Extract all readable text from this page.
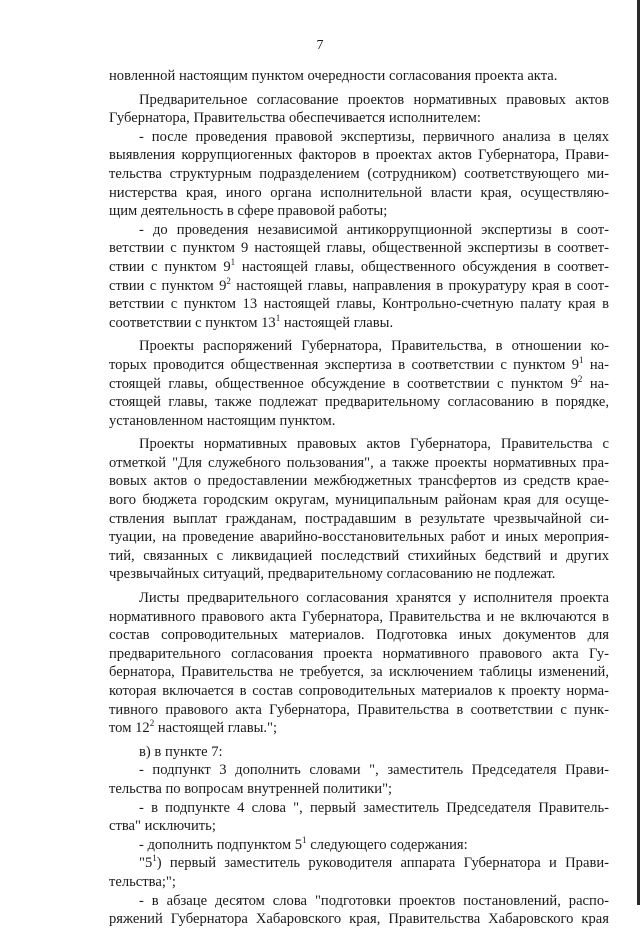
7
новленной настоящим пунктом очередности согласования проекта акта.
Предварительное согласование проектов нормативных правовых актов
Губернатора, Правительства обеспечивается исполнителем:
- после проведения правовой экспертизы, первичного анализа в целях
выявления коррупциогенных факторов в проектах актов Губернатора, Прави-
тельства структурным подразделением (сотрудником) соответствующего ми-
нистерства края, иного органа исполнительной власти края, осуществляю-
щим деятельность в сфере правовой работы;
- до проведения независимой антикоррупционной экспертизы в соот-
ветствии с пунктом 9 настоящей главы, общественной экспертизы в соответ-
ствии с пунктом $9^1$ настоящей главы, общественного обсуждения в соответ-
ствии с пунктом $9^2$ настоящей главы, направления в прокуратуру края в соот-
ветствии с пунктом 13 настоящей главы, Контрольно-счетную палату края в
соответствии с пунктом $13^1$ настоящей главы.
Проекты распоряжений Губернатора, Правительства, в отношении ко-
торых проводится общественная экспертиза в соответствии с пунктом $9^1$ на-
стоящей главы, общественное обсуждение в соответствии с пунктом $9^2$ на-
стоящей главы, также подлежат предварительному согласованию в порядке,
установленном настоящим пунктом.
Проекты нормативных правовых актов Губернатора, Правительства с
отметкой "Для служебного пользования", а также проекты нормативных пра-
вовых актов о предоставлении межбюджетных трансфертов из средств крае-
вого бюджета городским округам, муниципальным районам края для осуще-
ствления выплат гражданам, пострадавшим в результате чрезвычайной си-
туации, на проведение аварийно-восстановительных работ и иных мероприя-
тий, связанных с ликвидацией последствий стихийных бедствий и других
чрезвычайных ситуаций, предварительному согласованию не подлежат.
Листы предварительного согласования хранятся у исполнителя проекта
нормативного правового акта Губернатора, Правительства и не включаются в
состав сопроводительных материалов. Подготовка иных документов для
предварительного согласования проекта нормативного правового акта Гу-
бернатора, Правительства не требуется, за исключением таблицы изменений,
которая включается в состав сопроводительных материалов к проекту норма-
тивного правового акта Губернатора, Правительства в соответствии с пунк-
том $12^2$ настоящей главы.";
в) в пункте 7:
- подпункт 3 дополнить словами ", заместитель Председателя Прави-
тельства по вопросам внутренней политики";
- в подпункте 4 слова ", первый заместитель Председателя Правитель-
ства" исключить;
- дополнить подпунктом $5^1$ следующего содержания:
"$5^1$) первый заместитель руководителя аппарата Губернатора и Прави-
тельства;";
- в абзаце десятом слова "подготовки проектов постановлений, распо-
ряжений Губернатора Хабаровского края, Правительства Хабаровского края
